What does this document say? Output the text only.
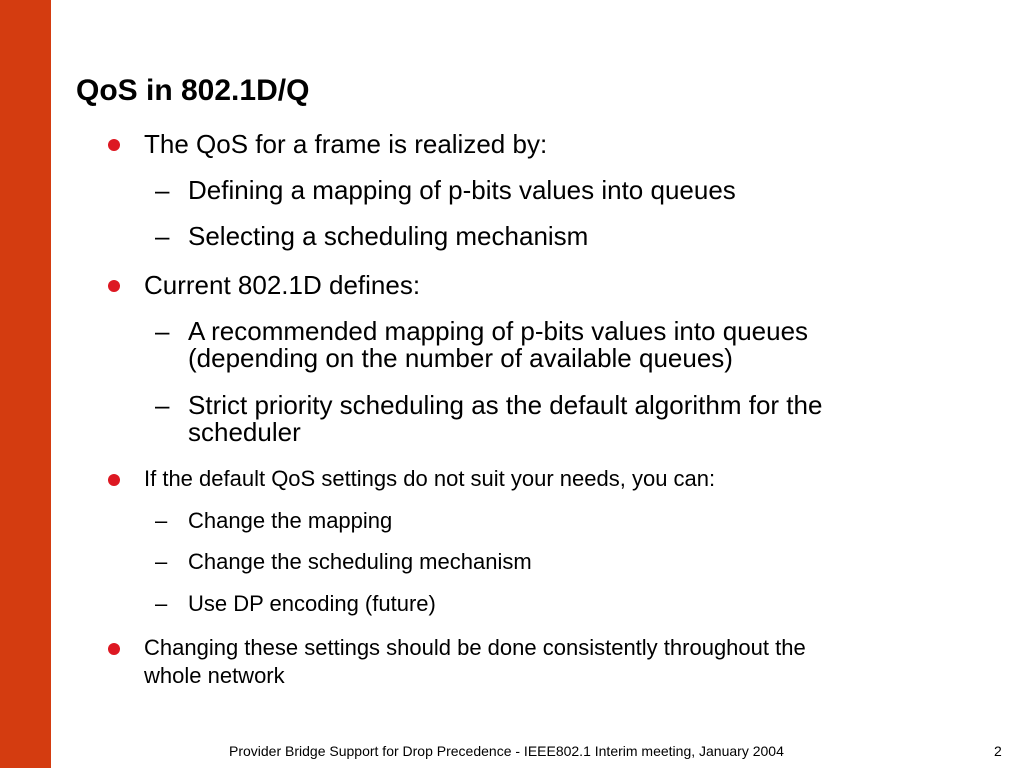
QoS in 802.1D/Q
The QoS for a frame is realized by:
– Defining a mapping of p-bits values into queues
– Selecting a scheduling mechanism
Current 802.1D defines:
– A recommended mapping of p-bits values into queues
(depending on the number of available queues)
– Strict priority scheduling as the default algorithm for the
scheduler
If the default QoS settings do not suit your needs, you can:
– Change the mapping
– Change the scheduling mechanism
– Use DP encoding (future)
Changing these settings should be done consistently throughout the
whole network
Provider Bridge Support for Drop Precedence - IEEE802.1 Interim meeting, January 2004	2
